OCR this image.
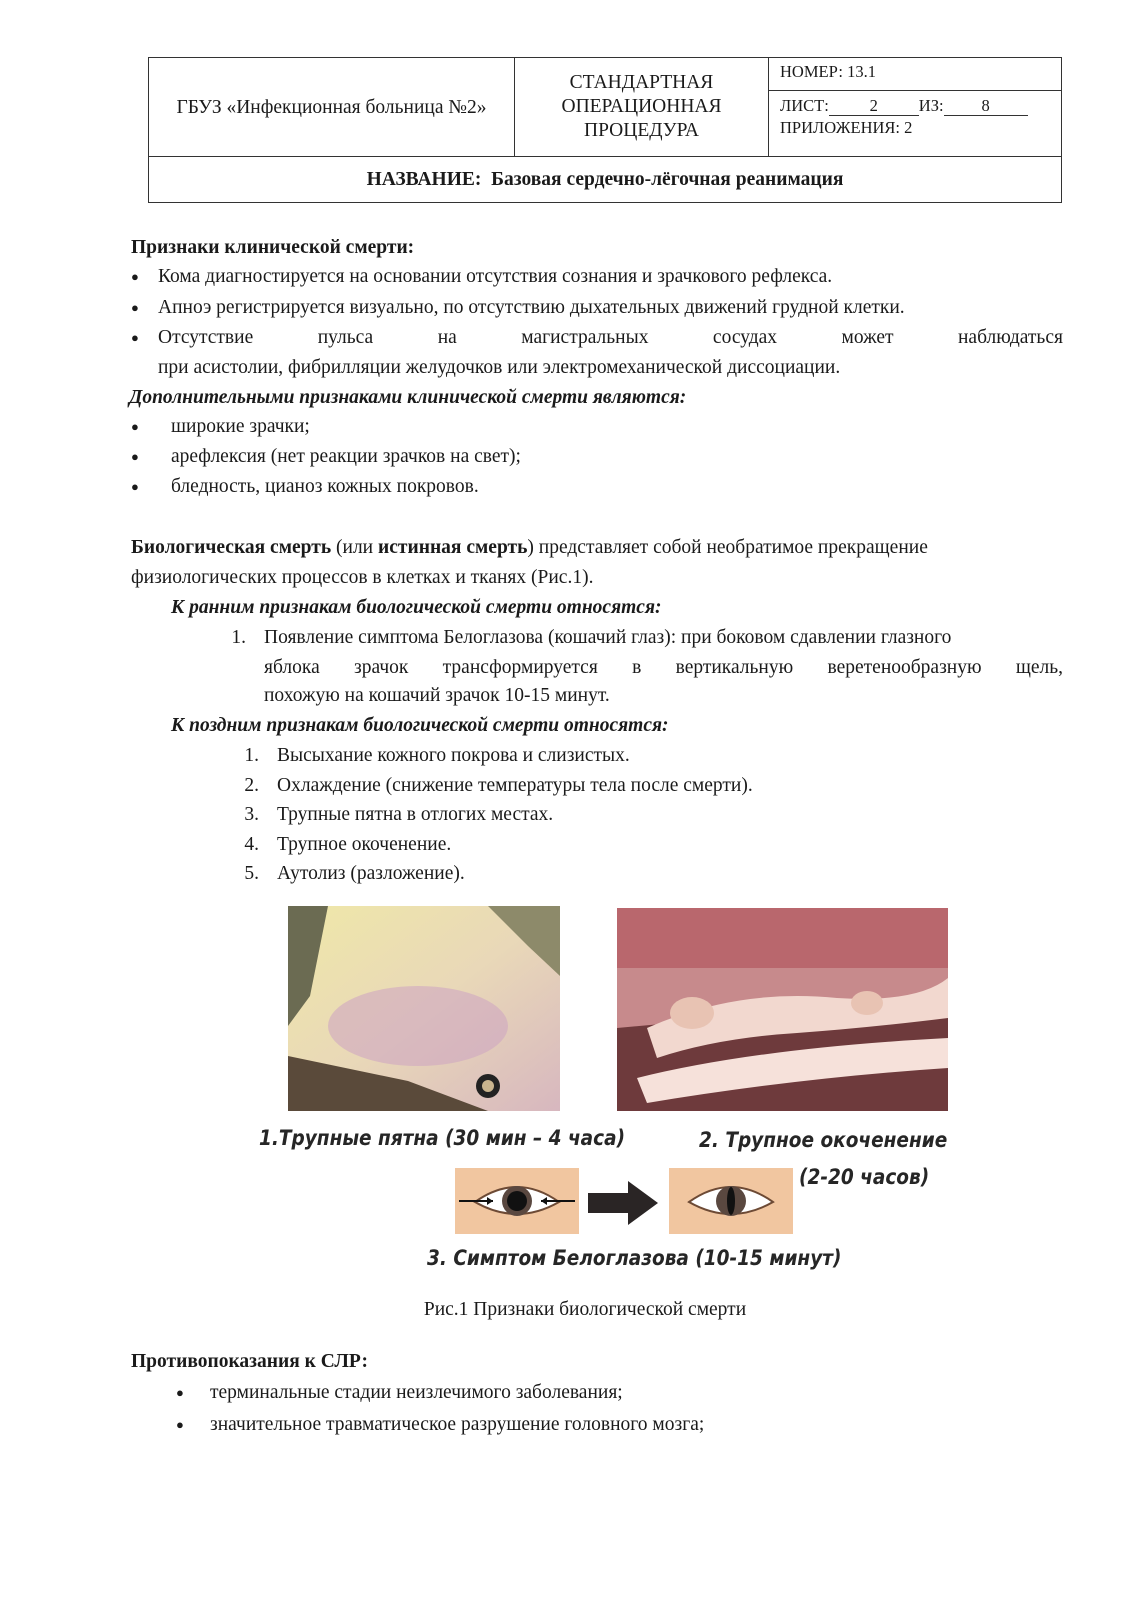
ГБУЗ «Инфекционная больница №2»
СТАНДАРТНАЯ ОПЕРАЦИОННАЯ ПРОЦЕДУРА
НОМЕР: 13.1
ЛИСТ: 2 ИЗ: 8
ПРИЛОЖЕНИЯ: 2
НАЗВАНИЕ:
Базовая сердечно-лёгочная реанимация
Признаки клинической смерти:
● Кома диагностируется на основании отсутствия сознания и зрачкового рефлекса.
● Апноэ регистрируется визуально, по отсутствию дыхательных движений грудной клетки.
● Отсутствие	пульса	на	магистральных	сосудах	может	наблюдаться
при асистолии, фибрилляции желудочков или электромеханической диссоциации.
Дополнительными признаками клинической смерти являются:
● широкие зрачки;
● арефлексия (нет реакции зрачков на свет);
● бледность, цианоз кожных покровов.
Биологическая смерть (или истинная смерть) представляет собой необратимое прекращение
физиологических процессов в клетках и тканях (Рис.1).
К ранним признакам биологической смерти относятся:
1. Появление симптома Белоглазова (кошачий глаз): при боковом сдавлении глазного
яблока зрачок трансформируется в вертикальную веретенообразную щель,
похожую на кошачий зрачок 10-15 минут.
К поздним признакам биологической смерти относятся:
1. Высыхание кожного покрова и слизистых.
2. Охлаждение (снижение температуры тела после смерти).
3. Трупные пятна в отлогих местах.
4. Трупное окоченение.
5. Аутолиз (разложение).
1.Трупные пятна (30 мин – 4 часа)	2. Трупное окоченение
(2-20 часов)
3. Симптом Белоглазова (10-15 минут)
Рис.1 Признаки биологической смерти
Противопоказания к СЛР:
● терминальные стадии неизлечимого заболевания;
● значительное травматическое разрушение головного мозга;
